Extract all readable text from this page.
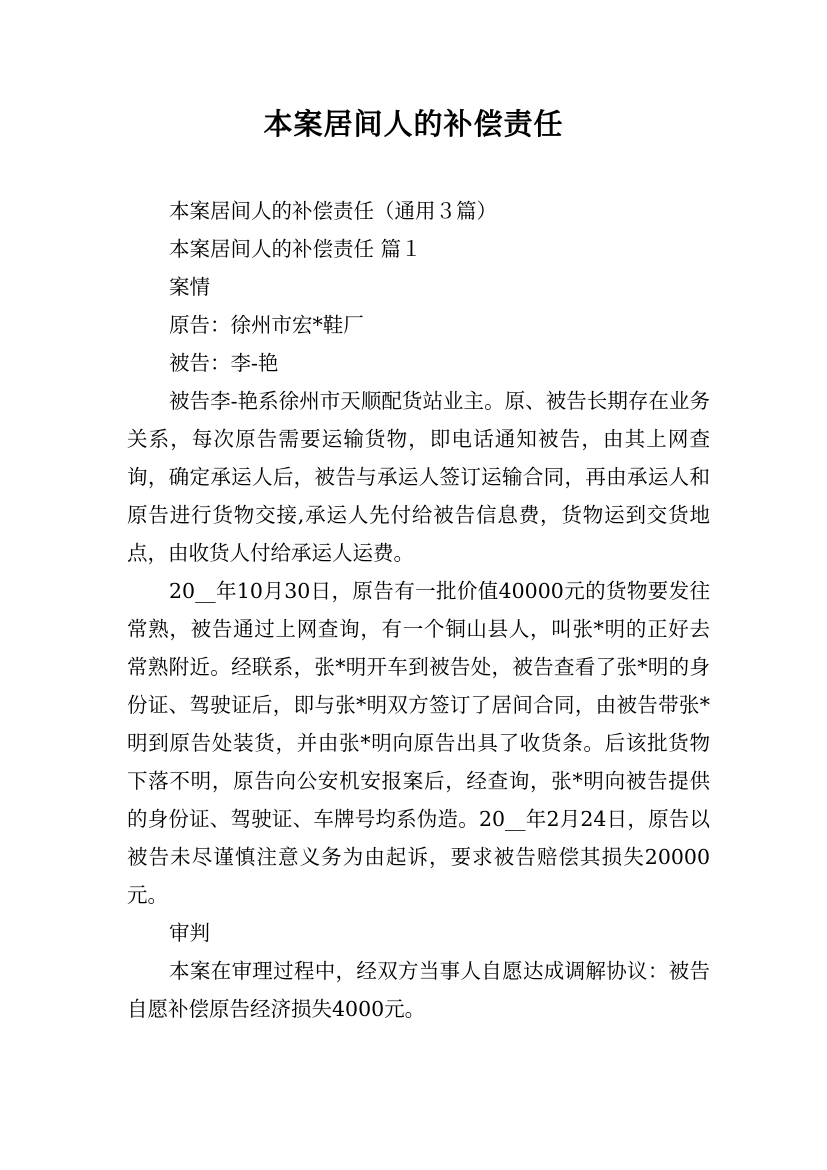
本案居间人的补偿责任

本案居间人的补偿责任（通用３篇）

本案居间人的补偿责任 篇１

案情

原告：徐州市宏*鞋厂

被告：李-艳

被告李-艳系徐州市天顺配货站业主。原、被告长期存在业务关系，每次原告需要运输货物，即电话通知被告，由其上网查询，确定承运人后，被告与承运人签订运输合同，再由承运人和原告进行货物交接,承运人先付给被告信息费，货物运到交货地点，由收货人付给承运人运费。

20__年10月30日，原告有一批价值40000元的货物要发往常熟，被告通过上网查询，有一个铜山县人，叫张*明的正好去常熟附近。经联系，张*明开车到被告处，被告查看了张*明的身份证、驾驶证后，即与张*明双方签订了居间合同，由被告带张*明到原告处装货，并由张*明向原告出具了收货条。后该批货物下落不明，原告向公安机安报案后，经查询，张*明向被告提供的身份证、驾驶证、车牌号均系伪造。20__年2月24日，原告以被告未尽谨慎注意义务为由起诉，要求被告赔偿其损失20000元。

审判

本案在审理过程中，经双方当事人自愿达成调解协议：被告自愿补偿原告经济损失4000元。
